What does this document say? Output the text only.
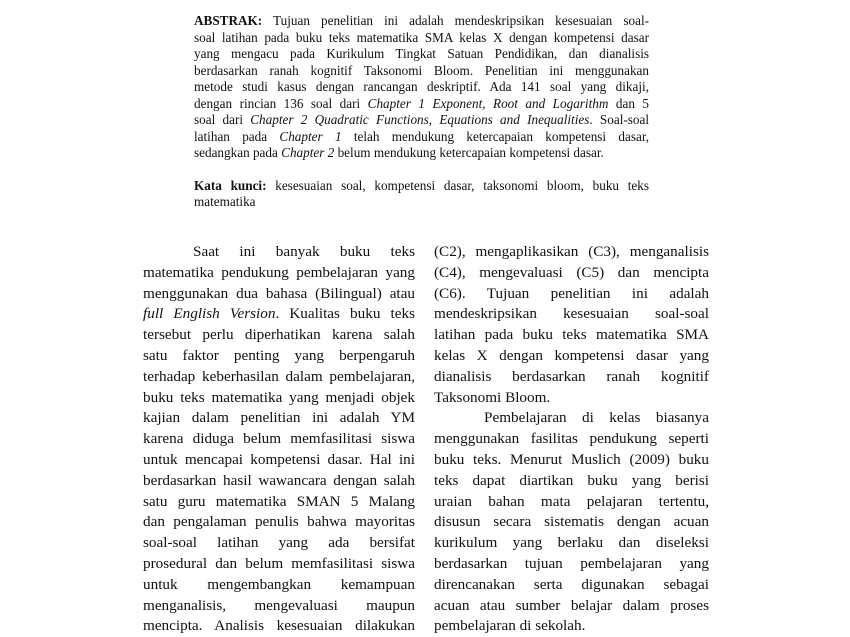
ABSTRAK: Tujuan penelitian ini adalah mendeskripsikan kesesuaian soal-
soal latihan pada buku teks matematika SMA kelas X dengan kompetensi dasar
yang mengacu pada Kurikulum Tingkat Satuan Pendidikan, dan dianalisis
berdasarkan ranah kognitif Taksonomi Bloom. Penelitian ini menggunakan
metode studi kasus dengan rancangan deskriptif. Ada 141 soal yang dikaji,
dengan rincian 136 soal dari Chapter 1 Exponent, Root and Logarithm dan 5
soal dari Chapter 2 Quadratic Functions, Equations and Inequalities. Soal-soal
latihan pada Chapter 1 telah mendukung ketercapaian kompetensi dasar,
sedangkan pada Chapter 2 belum mendukung ketercapaian kompetensi dasar.
Kata kunci: kesesuaian soal, kompetensi dasar, taksonomi bloom, buku teks
matematika
Saat ini banyak buku teks
matematika pendukung pembelajaran yang
menggunakan dua bahasa (Bilingual) atau
full English Version. Kualitas buku teks
tersebut perlu diperhatikan karena salah
satu faktor penting yang berpengaruh
terhadap keberhasilan dalam pembelajaran,
buku teks matematika yang menjadi objek
kajian dalam penelitian ini adalah YM
karena diduga belum memfasilitasi siswa
untuk mencapai kompetensi dasar. Hal ini
berdasarkan hasil wawancara dengan salah
satu guru matematika SMAN 5 Malang
dan pengalaman penulis bahwa mayoritas
soal-soal latihan yang ada bersifat
prosedural dan belum memfasilitasi siswa
untuk mengembangkan kemampuan
menganalisis, mengevaluasi maupun
mencipta. Analisis kesesuaian dilakukan
(C2), mengaplikasikan (C3), menganalisis
(C4), mengevaluasi (C5) dan mencipta
(C6). Tujuan penelitian ini adalah
mendeskripsikan kesesuaian soal-soal
latihan pada buku teks matematika SMA
kelas X dengan kompetensi dasar yang
dianalisis berdasarkan ranah kognitif
Taksonomi Bloom.
Pembelajaran di kelas biasanya
menggunakan fasilitas pendukung seperti
buku teks. Menurut Muslich (2009) buku
teks dapat diartikan buku yang berisi
uraian bahan mata pelajaran tertentu,
disusun secara sistematis dengan acuan
kurikulum yang berlaku dan diseleksi
berdasarkan tujuan pembelajaran yang
direncanakan serta digunakan sebagai
acuan atau sumber belajar dalam proses
pembelajaran di sekolah.
